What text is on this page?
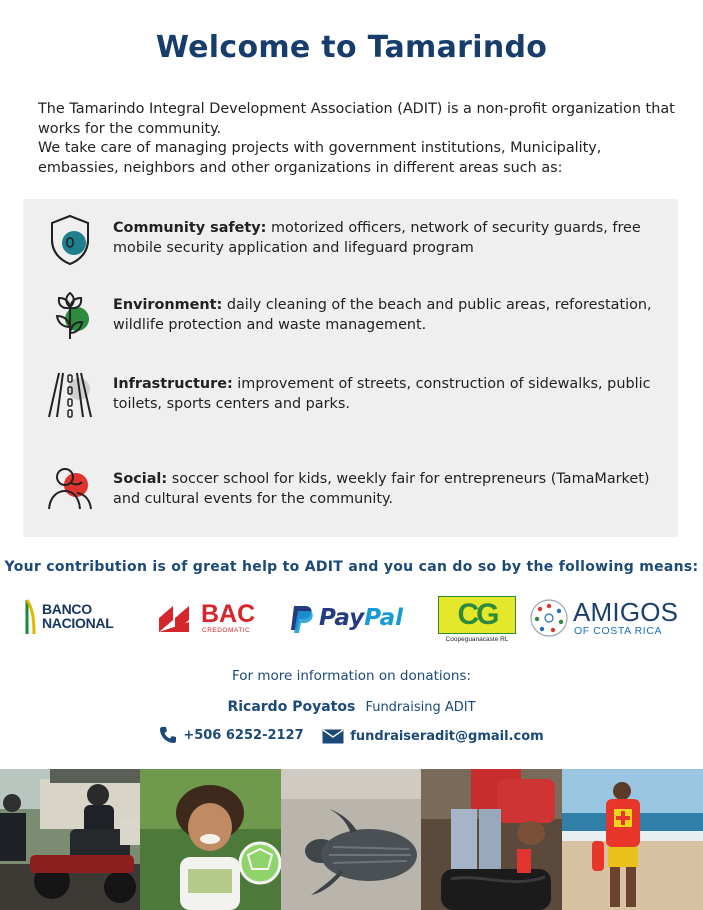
Welcome to Tamarindo

The Tamarindo Integral Development Association (ADIT) is a non-profit organization that works for the community.

We take care of managing projects with government institutions, Municipality, embassies, neighbors and other organizations in different areas such as:

Community safety: motorized officers, network of security guards, free mobile security application and lifeguard program
Environment: daily cleaning of the beach and public areas, reforestation, wildlife protection and waste management.
Infrastructure: improvement of streets, construction of sidewalks, public toilets, sports centers and parks.
Social: soccer school for kids, weekly fair for entrepreneurs (TamaMarket) and cultural events for the community.
Your contribution is of great help to ADIT and you can do so by the following means:
BANCO
NACIONAL	BAC
CREDOMATIC	PayPal	CG
Coopeguanacaste RL
AMIGOS
OF COSTA RICA
For more information on donations:
Ricardo Poyatos Fundraising ADIT
+506 6252-2127
	fundraiseradit@gmail.com
